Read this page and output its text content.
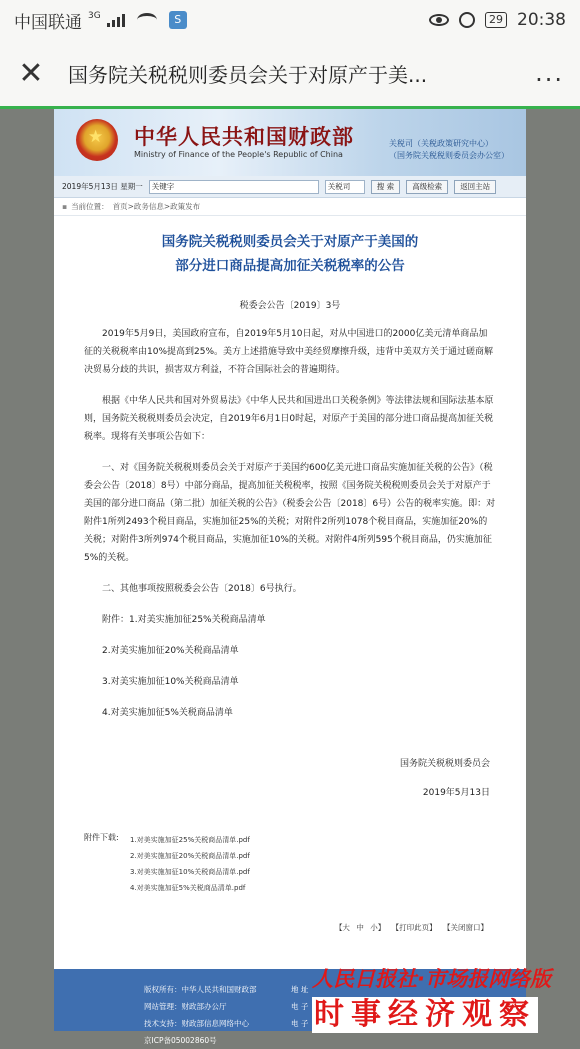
中国联通 3G	S	29 20:38
✕ 国务院关税税则委员会关于对原产于美...	...
★
中华人民共和国财政部
Ministry of Finance of the People's Republic of China
关税司（关税政策研究中心）
（国务院关税税则委员会办公室）
2019年5月13日 星期一	关键字	关税司	搜 索	高级检索	返回主站
▪ 当前位置： 首页>政务信息>政策发布
国务院关税税则委员会关于对原产于美国的
部分进口商品提高加征关税税率的公告
税委会公告〔2019〕3号

2019年5月9日，美国政府宣布，自2019年5月10日起，对从中国进口的2000亿美元清单商品加征的关税税率由10%提高到25%。美方上述措施导致中美经贸摩擦升级，违背中美双方关于通过磋商解决贸易分歧的共识，损害双方利益，不符合国际社会的普遍期待。

根据《中华人民共和国对外贸易法》《中华人民共和国进出口关税条例》等法律法规和国际法基本原则，国务院关税税则委员会决定，自2019年6月1日0时起，对原产于美国的部分进口商品提高加征关税税率。现将有关事项公告如下：

一、对《国务院关税税则委员会关于对原产于美国约600亿美元进口商品实施加征关税的公告》（税委会公告〔2018〕8号）中部分商品，提高加征关税税率，按照《国务院关税税则委员会关于对原产于美国的部分进口商品（第二批）加征关税的公告》（税委会公告〔2018〕6号）公告的税率实施。即：对附件1所列2493个税目商品，实施加征25%的关税；对附件2所列1078个税目商品，实施加征20%的关税；对附件3所列974个税目商品，实施加征10%的关税。对附件4所列595个税目商品，仍实施加征5%的关税。

二、其他事项按照税委会公告〔2018〕6号执行。

附件：1.对美实施加征25%关税商品清单

2.对美实施加征20%关税商品清单

3.对美实施加征10%关税商品清单

4.对美实施加征5%关税商品清单

国务院关税税则委员会
2019年5月13日
附件下载:	1.对美实施加征25%关税商品清单.pdf
2.对美实施加征20%关税商品清单.pdf
3.对美实施加征10%关税商品清单.pdf
4.对美实施加征5%关税商品清单.pdf
【大 中 小】 【打印此页】 【关闭窗口】
版权所有：中华人民共和国财政部
网站管理：财政部办公厅
技术支持：财政部信息网络中心
京ICP备05002860号
地 址
电 子
电 子
人民日报社·市场报网络版
时事经济观察
